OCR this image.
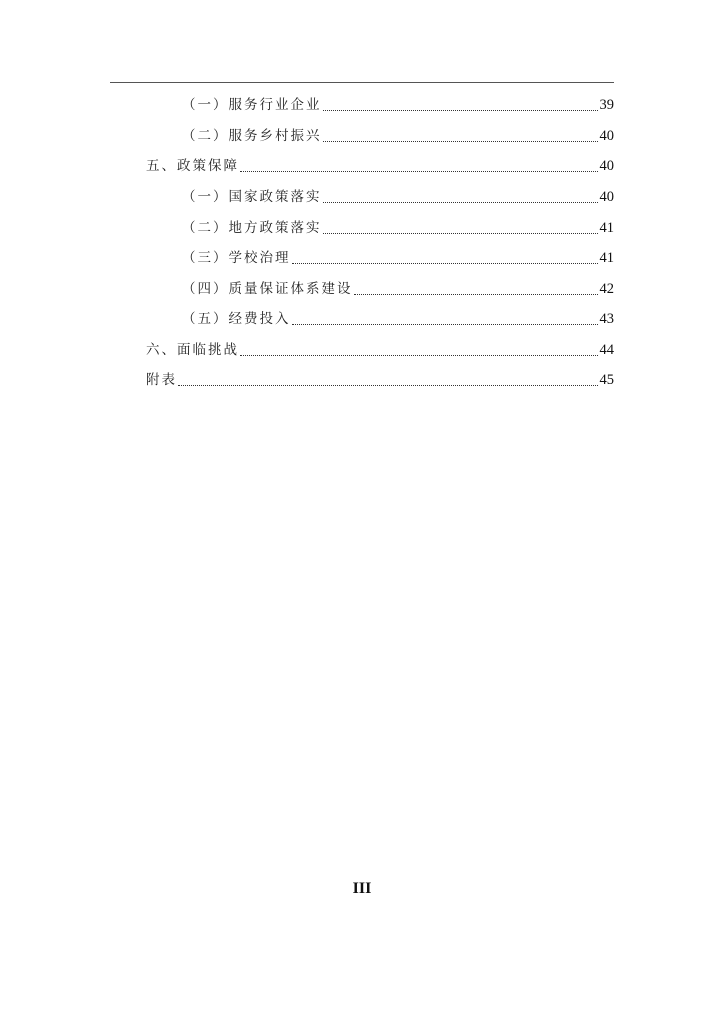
（一）服务行业企业	39
（二）服务乡村振兴	40
五、政策保障	40
（一）国家政策落实	40
（二）地方政策落实	41
（三）学校治理	41
（四）质量保证体系建设	42
（五）经费投入	43
六、面临挑战	44
附表	45
III
